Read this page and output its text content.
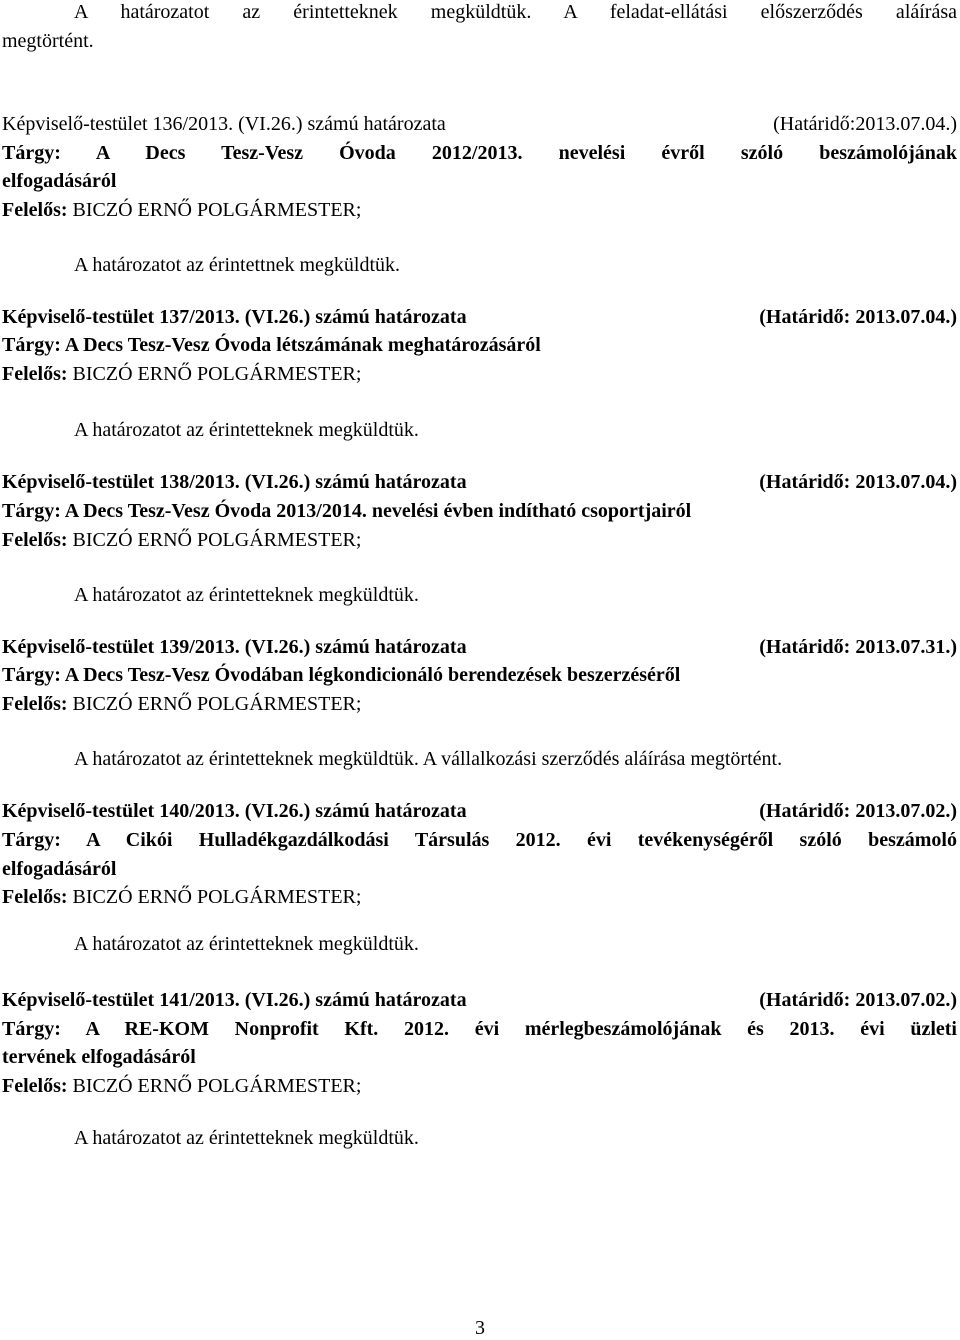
A határozatot az érintetteknek megküldtük. A feladat-ellátási előszerződés aláírása
megtörtént.
Képviselő-testület 136/2013. (VI.26.) számú határozata	(Határidő:2013.07.04.)
Tárgy: A Decs Tesz-Vesz Óvoda 2012/2013. nevelési évről szóló beszámolójának
elfogadásáról
Felelős: BICZÓ ERNŐ POLGÁRMESTER;
A határozatot az érintettnek megküldtük.
Képviselő-testület 137/2013. (VI.26.) számú határozata	(Határidő: 2013.07.04.)
Tárgy: A Decs Tesz-Vesz Óvoda létszámának meghatározásáról
Felelős: BICZÓ ERNŐ POLGÁRMESTER;
A határozatot az érintetteknek megküldtük.
Képviselő-testület 138/2013. (VI.26.) számú határozata	(Határidő: 2013.07.04.)
Tárgy: A Decs Tesz-Vesz Óvoda 2013/2014. nevelési évben indítható csoportjairól
Felelős: BICZÓ ERNŐ POLGÁRMESTER;
A határozatot az érintetteknek megküldtük.
Képviselő-testület 139/2013. (VI.26.) számú határozata	(Határidő: 2013.07.31.)
Tárgy: A Decs Tesz-Vesz Óvodában légkondicionáló berendezések beszerzéséről
Felelős: BICZÓ ERNŐ POLGÁRMESTER;
A határozatot az érintetteknek megküldtük. A vállalkozási szerződés aláírása megtörtént.
Képviselő-testület 140/2013. (VI.26.) számú határozata	(Határidő: 2013.07.02.)
Tárgy: A Cikói Hulladékgazdálkodási Társulás 2012. évi tevékenységéről szóló beszámoló
elfogadásáról
Felelős: BICZÓ ERNŐ POLGÁRMESTER;
A határozatot az érintetteknek megküldtük.
Képviselő-testület 141/2013. (VI.26.) számú határozata	(Határidő: 2013.07.02.)
Tárgy: A RE-KOM Nonprofit Kft. 2012. évi mérlegbeszámolójának és 2013. évi üzleti
tervének elfogadásáról
Felelős: BICZÓ ERNŐ POLGÁRMESTER;
A határozatot az érintetteknek megküldtük.
3
